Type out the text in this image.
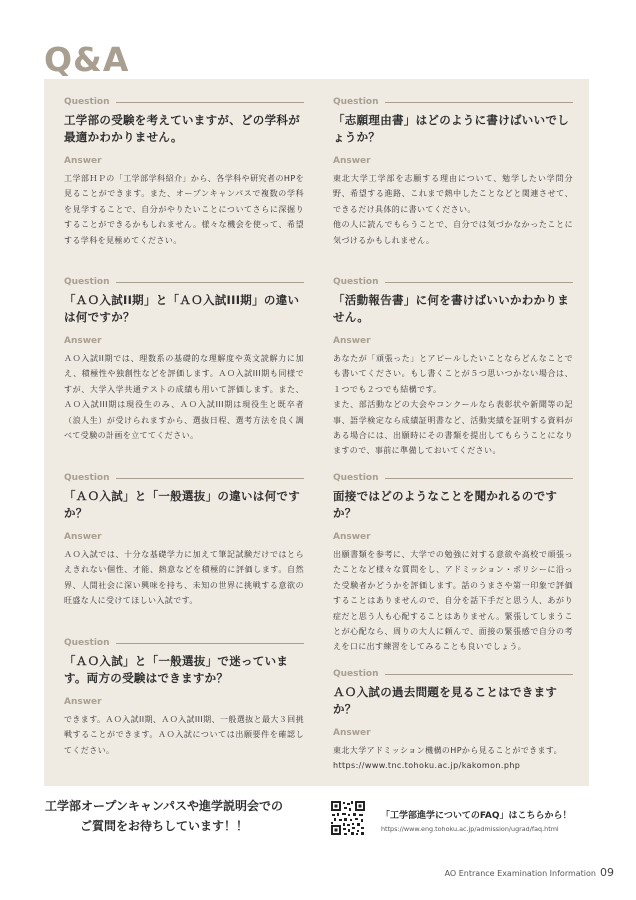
Q&A
Question
工学部の受験を考えていますが、どの学科が最適かわかりません。
Answer
工学部ＨＰの「工学部学科紹介」から、各学科や研究者のHPを見ることができます。また、オープンキャンパスで複数の学科を見学することで、自分がやりたいことについてさらに深掘りすることができるかもしれません。様々な機会を使って、希望する学科を見極めてください。
Question
「ＡＯ入試II期」と「ＡＯ入試III期」の違いは何ですか？
Answer
ＡＯ入試II期では、理数系の基礎的な理解度や英文読解力に加え、積極性や独創性などを評価します。ＡＯ入試III期も同様ですが、大学入学共通テストの成績も用いて評価します。また、ＡＯ入試III期は現役生のみ、ＡＯ入試III期は現役生と既卒者（浪人生）が受けられますから、選抜日程、選考方法を良く調べて受験の計画を立ててください。
Question
「ＡＯ入試」と「一般選抜」の違いは何ですか？
Answer
ＡＯ入試では、十分な基礎学力に加えて筆記試験だけではとらえきれない個性、才能、熱意などを積極的に評価します。自然界、人間社会に深い興味を持ち、未知の世界に挑戦する意欲の旺盛な人に受けてほしい入試です。
Question
「ＡＯ入試」と「一般選抜」で迷っています。両方の受験はできますか？
Answer
できます。ＡＯ入試II期、ＡＯ入試III期、一般選抜と最大３回挑戦することができます。ＡＯ入試については出願要件を確認してください。
Question
「志願理由書」はどのように書けばいいでしょうか？
Answer
東北大学工学部を志願する理由について、勉学したい学問分野、希望する進路、これまで熱中したことなどと関連させて、できるだけ具体的に書いてください。
他の人に読んでもらうことで、自分では気づかなかったことに気づけるかもしれません。
Question
「活動報告書」に何を書けばいいかわかりません。
Answer
あなたが「頑張った」とアピールしたいことならどんなことでも書いてください。もし書くことが５つ思いつかない場合は、１つでも２つでも結構です。
また、部活動などの大会やコンクールなら表彰状や新聞等の記事、語学検定なら成績証明書など、活動実績を証明する資料がある場合には、出願時にその書類を提出してもらうことになりますので、事前に準備しておいてください。
Question
面接ではどのようなことを聞かれるのですか？
Answer
出願書類を参考に、大学での勉強に対する意欲や高校で頑張ったことなど様々な質問をし、アドミッション・ポリシーに沿った受験者かどうかを評価します。話のうまさや第一印象で評価することはありませんので、自分を話下手だと思う人、あがり症だと思う人も心配することはありません。緊張してしまうことが心配なら、周りの大人に頼んで、面接の緊張感で自分の考えを口に出す練習をしてみることも良いでしょう。
Question
ＡＯ入試の過去問題を見ることはできますか？
Answer
東北大学アドミッション機構のHPから見ることができます。
https://www.tnc.tohoku.ac.jp/kakomon.php
工学部オープンキャンパスや進学説明会での
ご質問をお待ちしています！！
「工学部進学についてのFAQ」はこちらから！
https://www.eng.tohoku.ac.jp/admission/ugrad/faq.html
AO Entrance Examination Information 09
